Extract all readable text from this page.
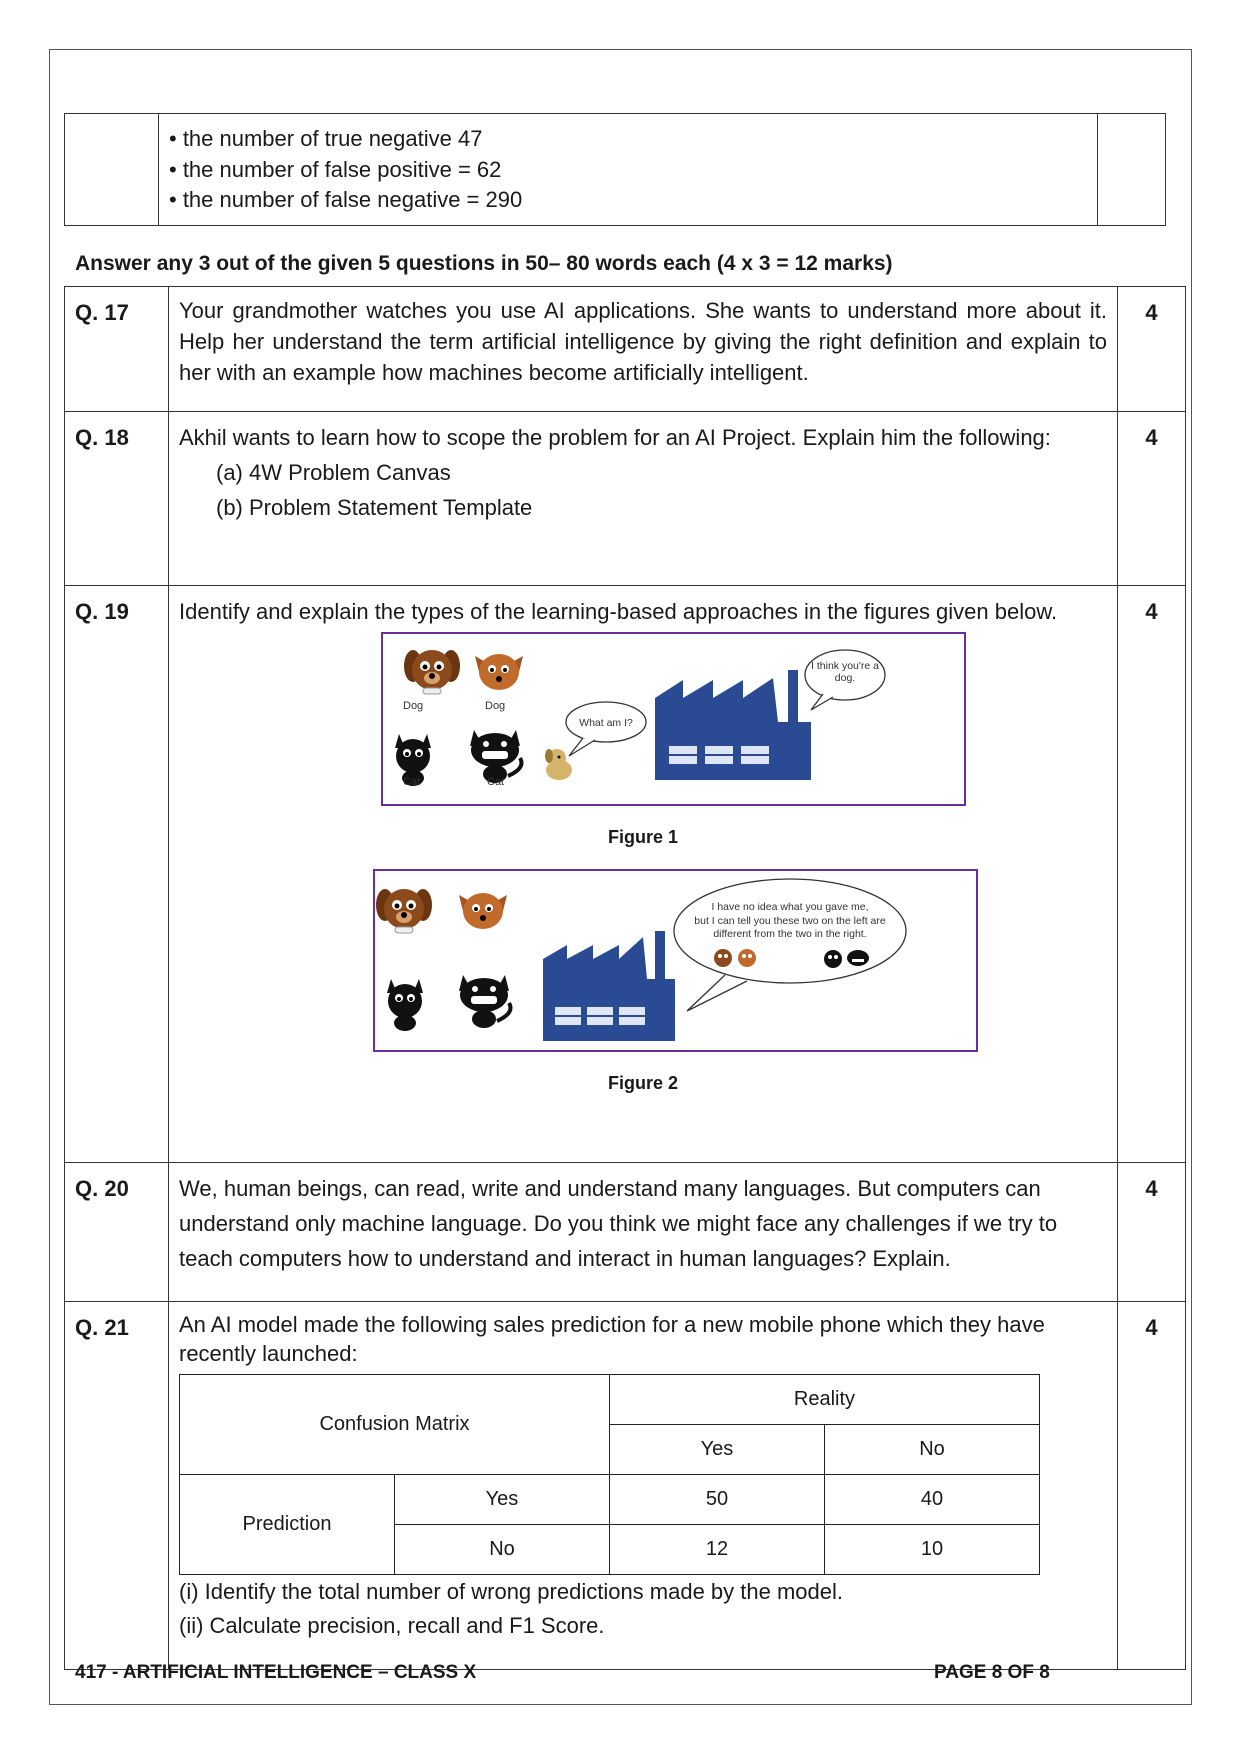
• the number of true negative 47
• the number of false positive = 62
• the number of false negative = 290

Answer any 3 out of the given 5 questions in 50– 80 words each (4 x 3 = 12 marks)
Q. 17	Your grandmother watches you use AI applications. She wants to understand more about it. Help her understand the term artificial intelligence by giving the right definition and explain to her with an example how machines become artificially intelligent.	4
Q. 18	Akhil wants to learn how to scope the problem for an AI Project. Explain him the following:
(a) 4W Problem Canvas
(b) Problem Statement Template
	4
Q. 19	Identify and explain the types of the learning-based approaches in the figures given below.
Dog	Dog
Cat	Cat
What am I?
I think you're a dog.
Figure 1
I have no idea what you gave me,
but I can tell you these two on the left are
different from the two in the right.
Figure 2
	4
Q. 20	We, human beings, can read, write and understand many languages. But computers can understand only machine language. Do you think we might face any challenges if we try to teach computers how to understand and interact in human languages? Explain.	4
Q. 21	An AI model made the following sales prediction for a new mobile phone which they have recently launched:
Confusion Matrix	Reality
Yes	No
Prediction	Yes	50	40
No	12	10
(i) Identify the total number of wrong predictions made by the model.
(ii) Calculate precision, recall and F1 Score.
	4
417 - ARTIFICIAL INTELLIGENCE – CLASS X	PAGE 8 OF 8
